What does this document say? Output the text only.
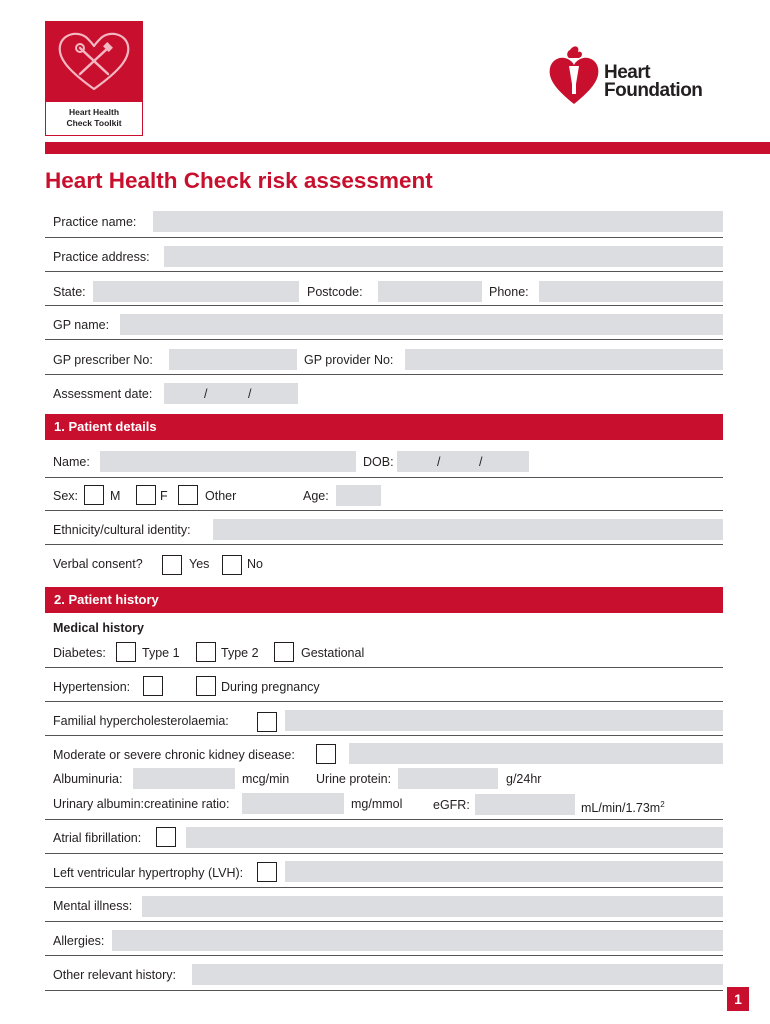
Heart Health
Check Toolkit
Heart
Foundation
Heart Health Check risk assessment
Practice name:
Practice address:
State:	Postcode:	Phone:
GP name:
GP prescriber No:	GP provider No:
Assessment date:	/	/
1. Patient details
Name:	DOB:	/	/
Sex:	M	F	Other	Age:
Ethnicity/cultural identity:
Verbal consent?	Yes	No
2. Patient history
Medical history
Diabetes:	Type 1	Type 2	Gestational
Hypertension:	During pregnancy
Familial hypercholesterolaemia:
Moderate or severe chronic kidney disease:
Albuminuria:	mcg/min Urine protein:	g/24hr
Urinary albumin:creatinine ratio:	mg/mmol eGFR:	$mL/\min/1.73m^2$
Atrial fibrillation:
Left ventricular hypertrophy (LVH):
Mental illness:
Allergies:
Other relevant history:
1
